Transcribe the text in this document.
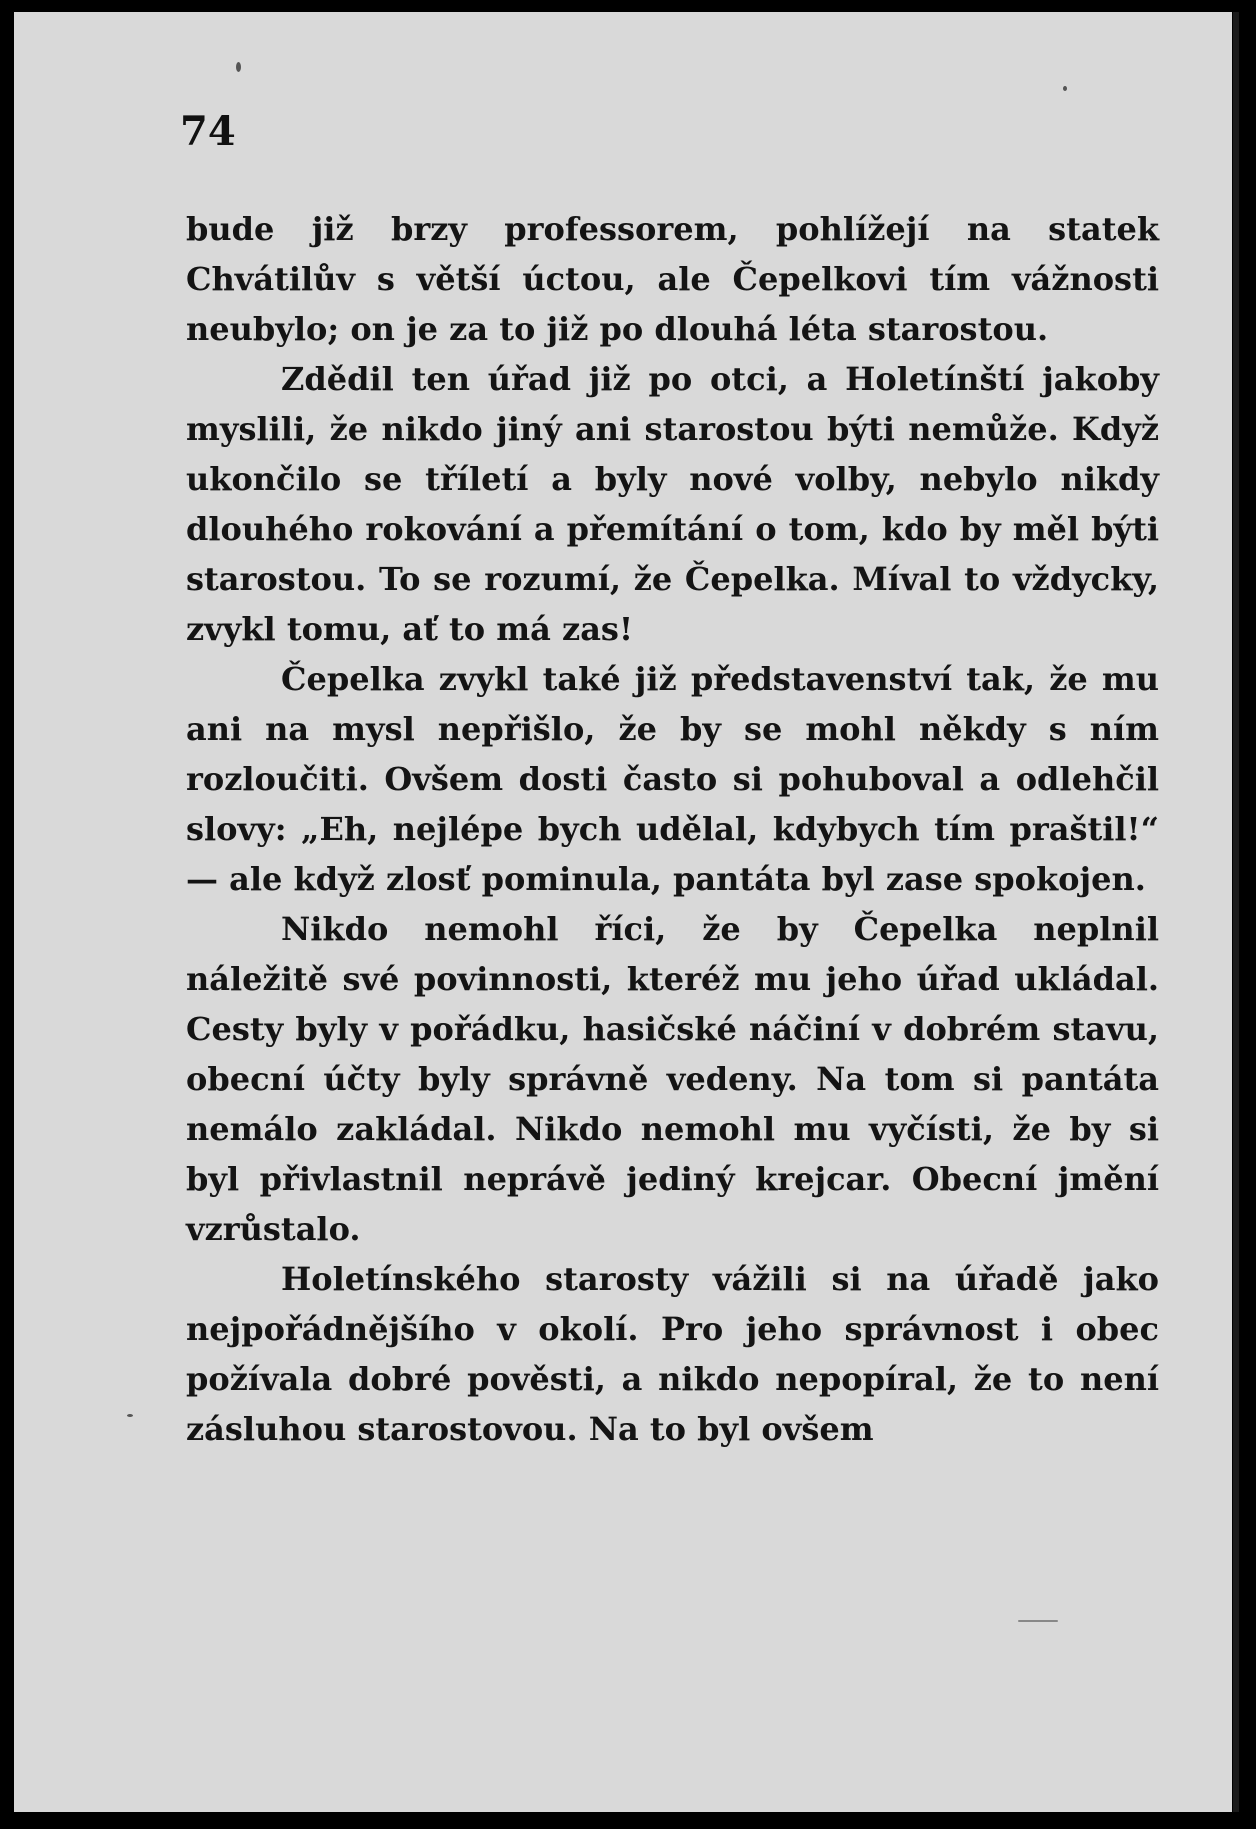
74

bude již brzy professorem, pohlížejí na statek Chvátilův s větší úctou, ale Čepelkovi tím vážnosti neubylo; on je za to již po dlouhá léta starostou.

Zdědil ten úřad již po otci, a Holetínští jakoby myslili, že nikdo jiný ani starostou býti nemůže. Když ukončilo se tříletí a byly nové volby, nebylo nikdy dlouhého rokování a přemítání o tom, kdo by měl býti starostou. To se rozumí, že Čepelka. Míval to vždycky, zvykl tomu, ať to má zas!

Čepelka zvykl také již představenství tak, že mu ani na mysl nepřišlo, že by se mohl někdy s ním rozloučiti. Ovšem dosti často si pohuboval a odlehčil slovy: „Eh, nejlépe bych udělal, kdybych tím praštil!“ — ale když zlosť pominula, pantáta byl zase spokojen.

Nikdo nemohl říci, že by Čepelka neplnil náležitě své povinnosti, kteréž mu jeho úřad ukládal. Cesty byly v pořádku, hasičské náčiní v dobrém stavu, obecní účty byly správně vedeny. Na tom si pantáta nemálo zakládal. Nikdo nemohl mu vyčísti, že by si byl přivlastnil neprávě jediný krejcar. Obecní jmění vzrůstalo.

Holetínského starosty vážili si na úřadě jako nejpořádnějšího v okolí. Pro jeho správnost i obec požívala dobré pověsti, a nikdo nepopíral, že to není zásluhou starostovou. Na to byl ovšem
